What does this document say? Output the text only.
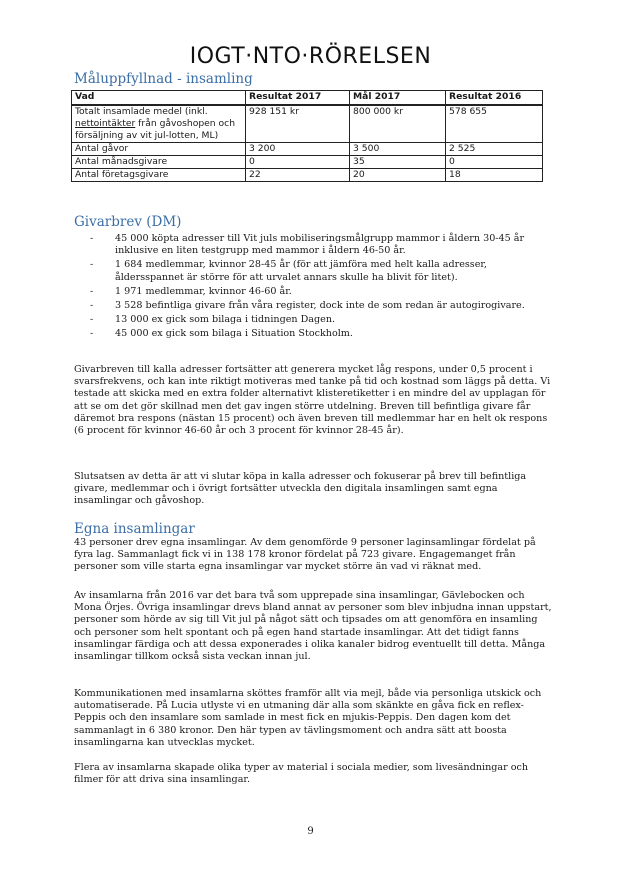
IOGT·NTO·RÖRELSEN
Måluppfyllnad - insamling
Vad	Resultat 2017	Mål 2017	Resultat 2016
Totalt insamlade medel (inkl. nettointäkter från gåvoshopen och försäljning av vit jul-lotten, ML)	928 151 kr	800 000 kr	578 655
Antal gåvor	3 200	3 500	2 525
Antal månadsgivare	0	35	0
Antal företagsgivare	22	20	18
Givarbrev (DM)
- 45 000 köpta adresser till Vit juls mobiliseringsmålgrupp mammor i åldern 30-45 år inklusive en liten testgrupp med mammor i åldern 46-50 år.
- 1 684 medlemmar, kvinnor 28-45 år (för att jämföra med helt kalla adresser, åldersspannet är större för att urvalet annars skulle ha blivit för litet).
- 1 971 medlemmar, kvinnor 46-60 år.
- 3 528 befintliga givare från våra register, dock inte de som redan är autogirogivare.
- 13 000 ex gick som bilaga i tidningen Dagen.
- 45 000 ex gick som bilaga i Situation Stockholm.

Givarbreven till kalla adresser fortsätter att generera mycket låg respons, under 0,5 procent i svarsfrekvens, och kan inte riktigt motiveras med tanke på tid och kostnad som läggs på detta. Vi testade att skicka med en extra folder alternativt klisteretiketter i en mindre del av upplagan för att se om det gör skillnad men det gav ingen större utdelning. Breven till befintliga givare får däremot bra respons (nästan 15 procent) och även breven till medlemmar har en helt ok respons (6 procent för kvinnor 46-60 år och 3 procent för kvinnor 28-45 år).

Slutsatsen av detta är att vi slutar köpa in kalla adresser och fokuserar på brev till befintliga givare, medlemmar och i övrigt fortsätter utveckla den digitala insamlingen samt egna insamlingar och gåvoshop.

Egna insamlingar

43 personer drev egna insamlingar. Av dem genomförde 9 personer laginsamlingar fördelat på fyra lag. Sammanlagt fick vi in 138 178 kronor fördelat på 723 givare. Engagemanget från personer som ville starta egna insamlingar var mycket större än vad vi räknat med.

Av insamlarna från 2016 var det bara två som upprepade sina insamlingar, Gävlebocken och Mona Örjes. Övriga insamlingar drevs bland annat av personer som blev inbjudna innan uppstart, personer som hörde av sig till Vit jul på något sätt och tipsades om att genomföra en insamling och personer som helt spontant och på egen hand startade insamlingar. Att det tidigt fanns insamlingar färdiga och att dessa exponerades i olika kanaler bidrog eventuellt till detta. Många insamlingar tillkom också sista veckan innan jul.

Kommunikationen med insamlarna sköttes framför allt via mejl, både via personliga utskick och automatiserade. På Lucia utlyste vi en utmaning där alla som skänkte en gåva fick en reflex-Peppis och den insamlare som samlade in mest fick en mjukis-Peppis. Den dagen kom det sammanlagt in 6 380 kronor. Den här typen av tävlingsmoment och andra sätt att boosta insamlingarna kan utvecklas mycket.

Flera av insamlarna skapade olika typer av material i sociala medier, som livesändningar och filmer för att driva sina insamlingar.

9
